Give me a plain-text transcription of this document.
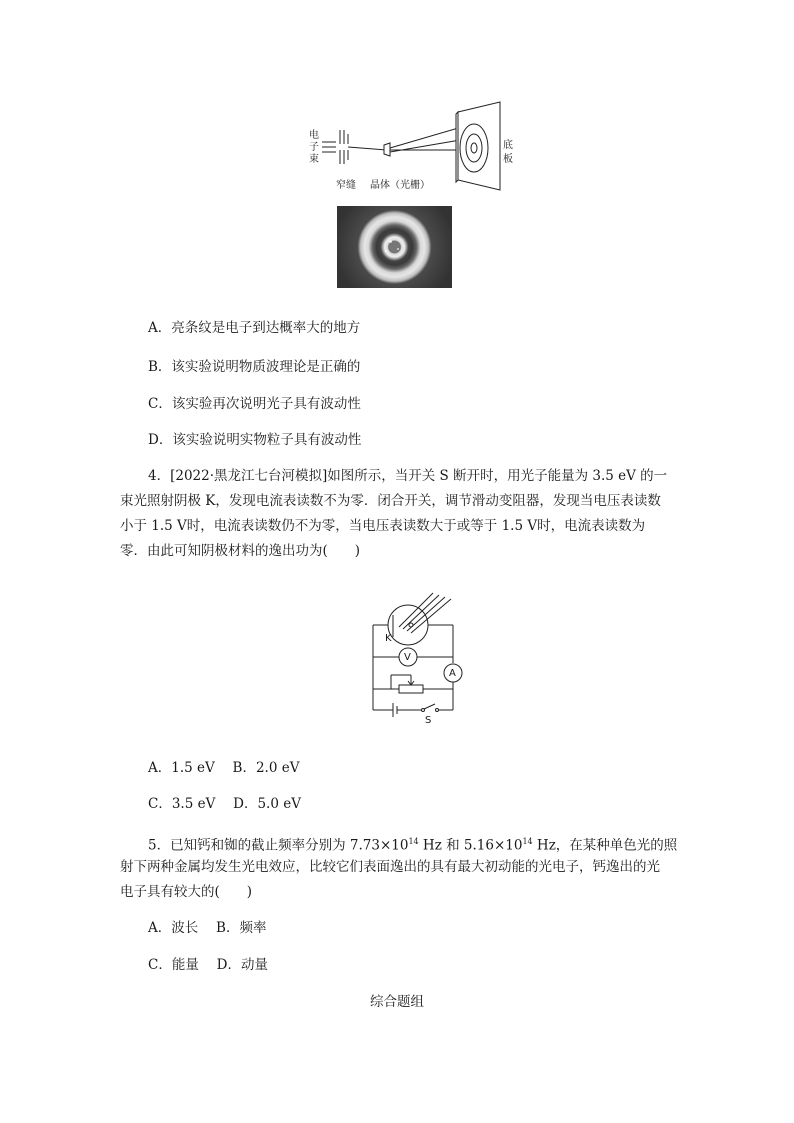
电
子
束
窄缝 晶体（光栅）
底
板
A．亮条纹是电子到达概率大的地方
B．该实验说明物质波理论是正确的
C．该实验再次说明光子具有波动性
D．该实验说明实物粒子具有波动性
4．[2022·黑龙江七台河模拟]如图所示，当开关 S 断开时，用光子能量为 3.5 eV 的一
束光照射阴极 K，发现电流表读数不为零．闭合开关，调节滑动变阻器，发现当电压表读数
小于 1.5 V时，电流表读数仍不为零，当电压表读数大于或等于 1.5 V时，电流表读数为
零．由此可知阴极材料的逸出功为(　　)
K
V
A
S
A．1.5 eV　 B．2.0 eV
C．3.5 eV　 D．5.0 eV
5．已知钙和铷的截止频率分别为 $7.73\times 10^{14}$ Hz 和 $5.16\times 10^{14}$ Hz，在某种单色光的照
射下两种金属均发生光电效应，比较它们表面逸出的具有最大初动能的光电子，钙逸出的光
电子具有较大的(　　)
A．波长　 B．频率
C．能量　 D．动量
综合题组
